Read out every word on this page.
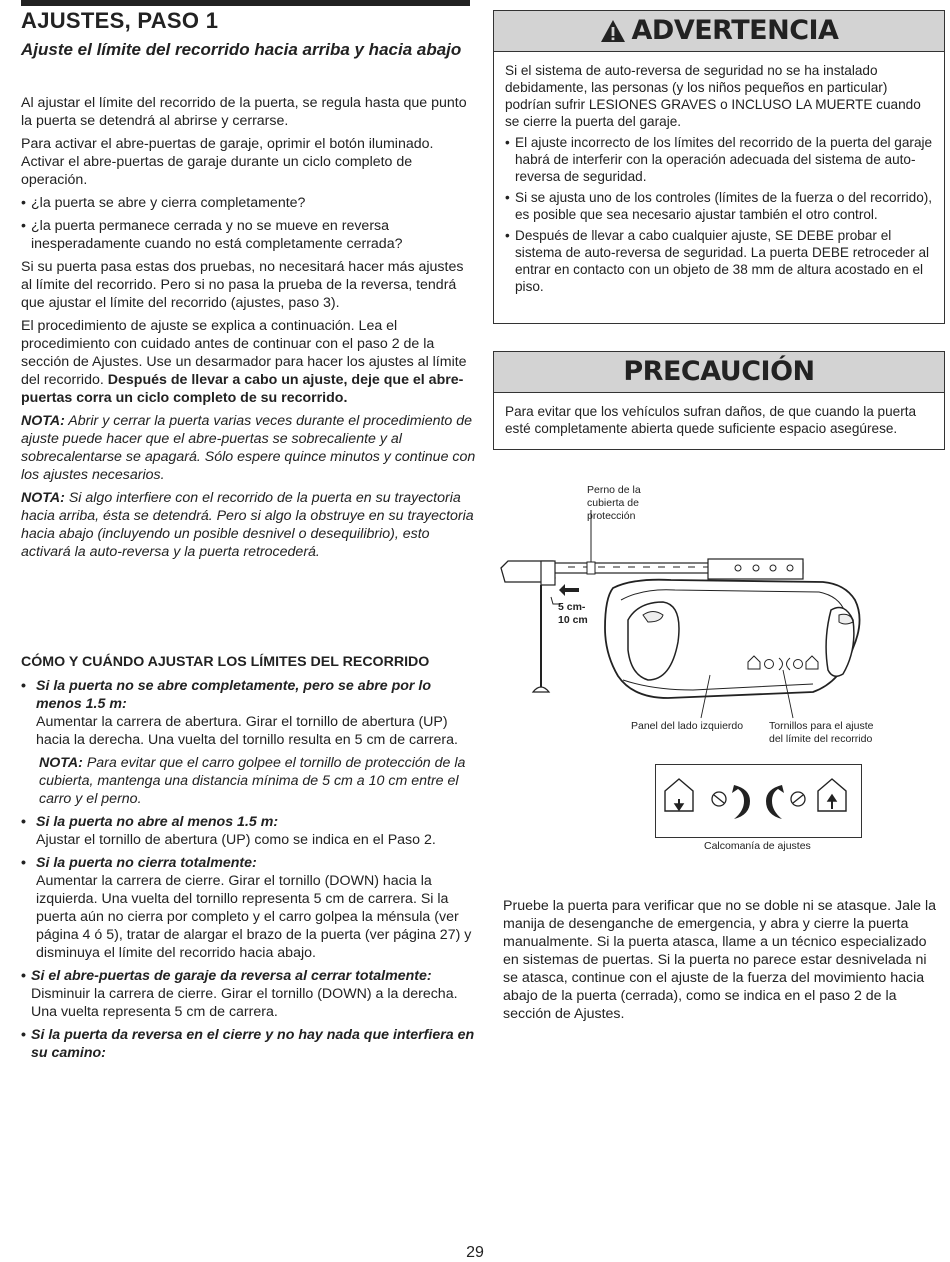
AJUSTES, PASO 1
Ajuste el límite del recorrido hacia arriba y hacia abajo

Al ajustar el límite del recorrido de la puerta, se regula hasta que punto la puerta se detendrá al abrirse y cerrarse.

Para activar el abre-puertas de garaje, oprimir el botón iluminado. Activar el abre-puertas de garaje durante un ciclo completo de operación.

• ¿la puerta se abre y cierra completamente?
• ¿la puerta permanece cerrada y no se mueve en reversa inesperadamente cuando no está completamente cerrada?

Si su puerta pasa estas dos pruebas, no necesitará hacer más ajustes al límite del recorrido. Pero si no pasa la prueba de la reversa, tendrá que ajustar el límite del recorrido (ajustes, paso 3).

El procedimiento de ajuste se explica a continuación. Lea el procedimiento con cuidado antes de continuar con el paso 2 de la sección de Ajustes. Use un desarmador para hacer los ajustes al límite del recorrido. Después de llevar a cabo un ajuste, deje que el abre-puertas corra un ciclo completo de su recorrido.

NOTA: Abrir y cerrar la puerta varias veces durante el procedimiento de ajuste puede hacer que el abre-puertas se sobrecaliente y al sobrecalentarse se apagará. Sólo espere quince minutos y continue con los ajustes necesarios.

NOTA: Si algo interfiere con el recorrido de la puerta en su trayectoria hacia arriba, ésta se detendrá. Pero si algo la obstruye en su trayectoria hacia abajo (incluyendo un posible desnivel o desequilibrio), esto activará la auto-reversa y la puerta retrocederá.

CÓMO Y CUÁNDO AJUSTAR LOS LÍMITES DEL RECORRIDO
• Si la puerta no se abre completamente, pero se abre por lo menos 1.5 m:
Aumentar la carrera de abertura. Girar el tornillo de abertura (UP) hacia la derecha. Una vuelta del tornillo resulta en 5 cm de carrera.
NOTA: Para evitar que el carro golpee el tornillo de protección de la cubierta, mantenga una distancia mínima de 5 cm a 10 cm entre el carro y el perno.
• Si la puerta no abre al menos 1.5 m:
Ajustar el tornillo de abertura (UP) como se indica en el Paso 2.
• Si la puerta no cierra totalmente:
Aumentar la carrera de cierre. Girar el tornillo (DOWN) hacia la izquierda. Una vuelta del tornillo representa 5 cm de carrera. Si la puerta aún no cierra por completo y el carro golpea la ménsula (ver página 4 ó 5), tratar de alargar el brazo de la puerta (ver página 27) y disminuya el límite del recorrido hacia abajo.
• Si el abre-puertas de garaje da reversa al cerrar totalmente:
Disminuir la carrera de cierre. Girar el tornillo (DOWN) a la derecha. Una vuelta representa 5 cm de carrera.
• Si la puerta da reversa en el cierre y no hay nada que interfiera en su camino:
ADVERTENCIA

Si el sistema de auto-reversa de seguridad no se ha instalado debidamente, las personas (y los niños pequeños en particular) podrían sufrir LESIONES GRAVES o INCLUSO LA MUERTE cuando se cierre la puerta del garaje.

• El ajuste incorrecto de los límites del recorrido de la puerta del garaje habrá de interferir con la operación adecuada del sistema de auto-reversa de seguridad.
• Si se ajusta uno de los controles (límites de la fuerza o del recorrido), es posible que sea necesario ajustar también el otro control.
• Después de llevar a cabo cualquier ajuste, SE DEBE probar el sistema de auto-reversa de seguridad. La puerta DEBE retroceder al entrar en contacto con un objeto de 38 mm de altura acostado en el piso.
PRECAUCIÓN
Para evitar que los vehículos sufran daños, de que cuando la puerta esté completamente abierta quede suficiente espacio asegúrese.
Perno de la cubierta de protección
5 cm-
10 cm
Panel del lado izquierdo Tornillos para el ajuste del límite del recorrido
Calcomanía de ajustes
Pruebe la puerta para verificar que no se doble ni se atasque. Jale la manija de desenganche de emergencia, y abra y cierre la puerta manualmente. Si la puerta atasca, llame a un técnico especializado en sistemas de puertas. Si la puerta no parece estar desnivelada ni se atasca, continue con el ajuste de la fuerza del movimiento hacia abajo de la puerta (cerrada), como se indica en el paso 2 de la sección de Ajustes.
29
